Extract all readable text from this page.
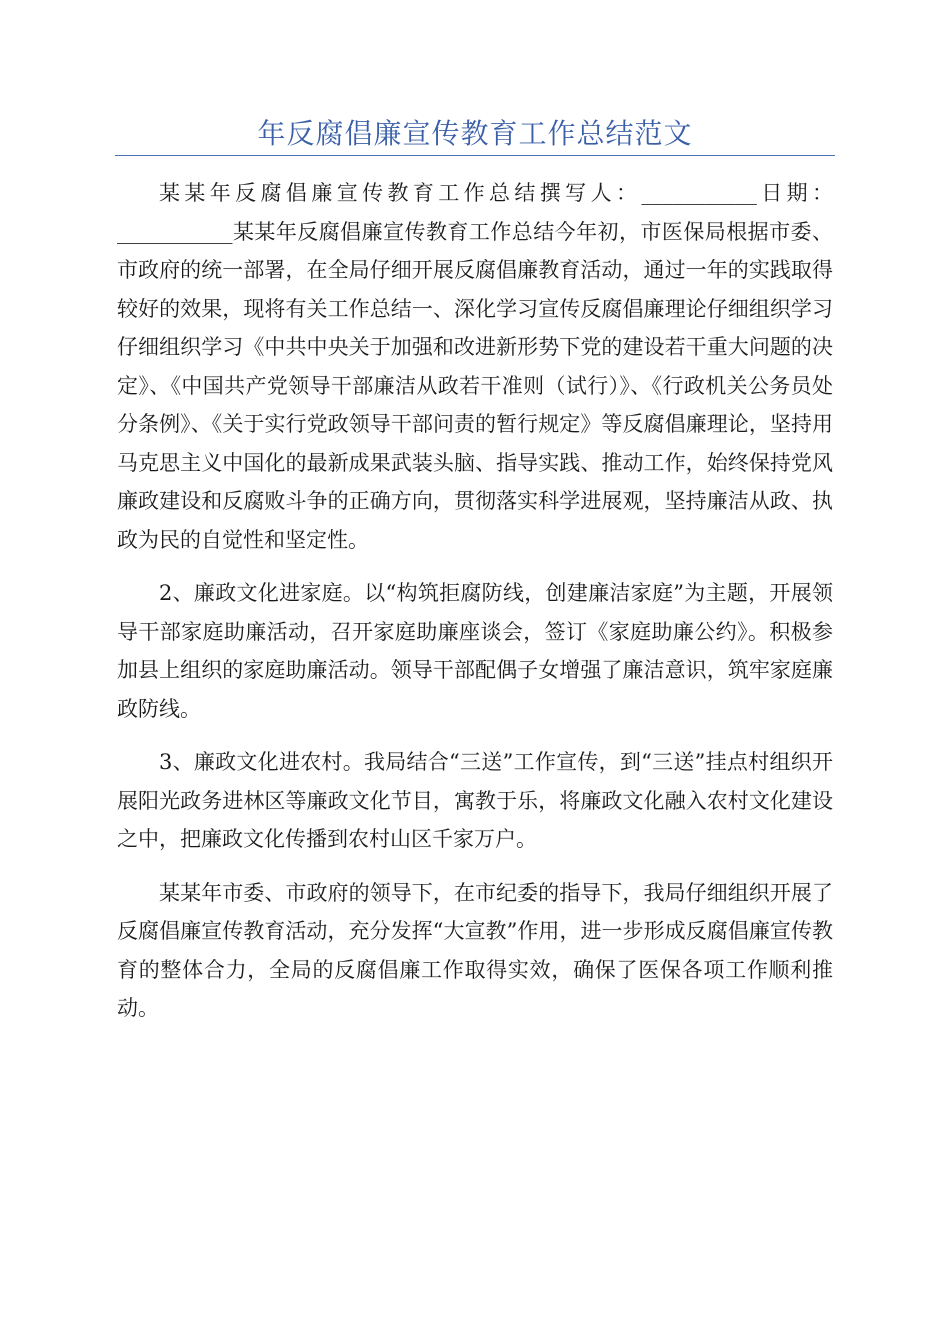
年反腐倡廉宣传教育工作总结范文

某某年反腐倡廉宣传教育工作总结撰写人：___________日期：___________某某年反腐倡廉宣传教育工作总结今年初，市医保局根据市委、市政府的统一部署，在全局仔细开展反腐倡廉教育活动，通过一年的实践取得较好的效果，现将有关工作总结一、深化学习宣传反腐倡廉理论仔细组织学习仔细组织学习《中共中央关于加强和改进新形势下党的建设若干重大问题的决定》、《中国共产党领导干部廉洁从政若干准则（试行）》、《行政机关公务员处分条例》、《关于实行党政领导干部问责的暂行规定》等反腐倡廉理论，坚持用马克思主义中国化的最新成果武装头脑、指导实践、推动工作，始终保持党风廉政建设和反腐败斗争的正确方向，贯彻落实科学进展观，坚持廉洁从政、执政为民的自觉性和坚定性。

2、廉政文化进家庭。以“构筑拒腐防线，创建廉洁家庭”为主题，开展领导干部家庭助廉活动，召开家庭助廉座谈会，签订《家庭助廉公约》。积极参加县上组织的家庭助廉活动。领导干部配偶子女增强了廉洁意识，筑牢家庭廉政防线。

3、廉政文化进农村。我局结合“三送”工作宣传，到“三送”挂点村组织开展阳光政务进林区等廉政文化节目，寓教于乐，将廉政文化融入农村文化建设之中，把廉政文化传播到农村山区千家万户。

某某年市委、市政府的领导下，在市纪委的指导下，我局仔细组织开展了反腐倡廉宣传教育活动，充分发挥“大宣教”作用，进一步形成反腐倡廉宣传教育的整体合力，全局的反腐倡廉工作取得实效，确保了医保各项工作顺利推动。
